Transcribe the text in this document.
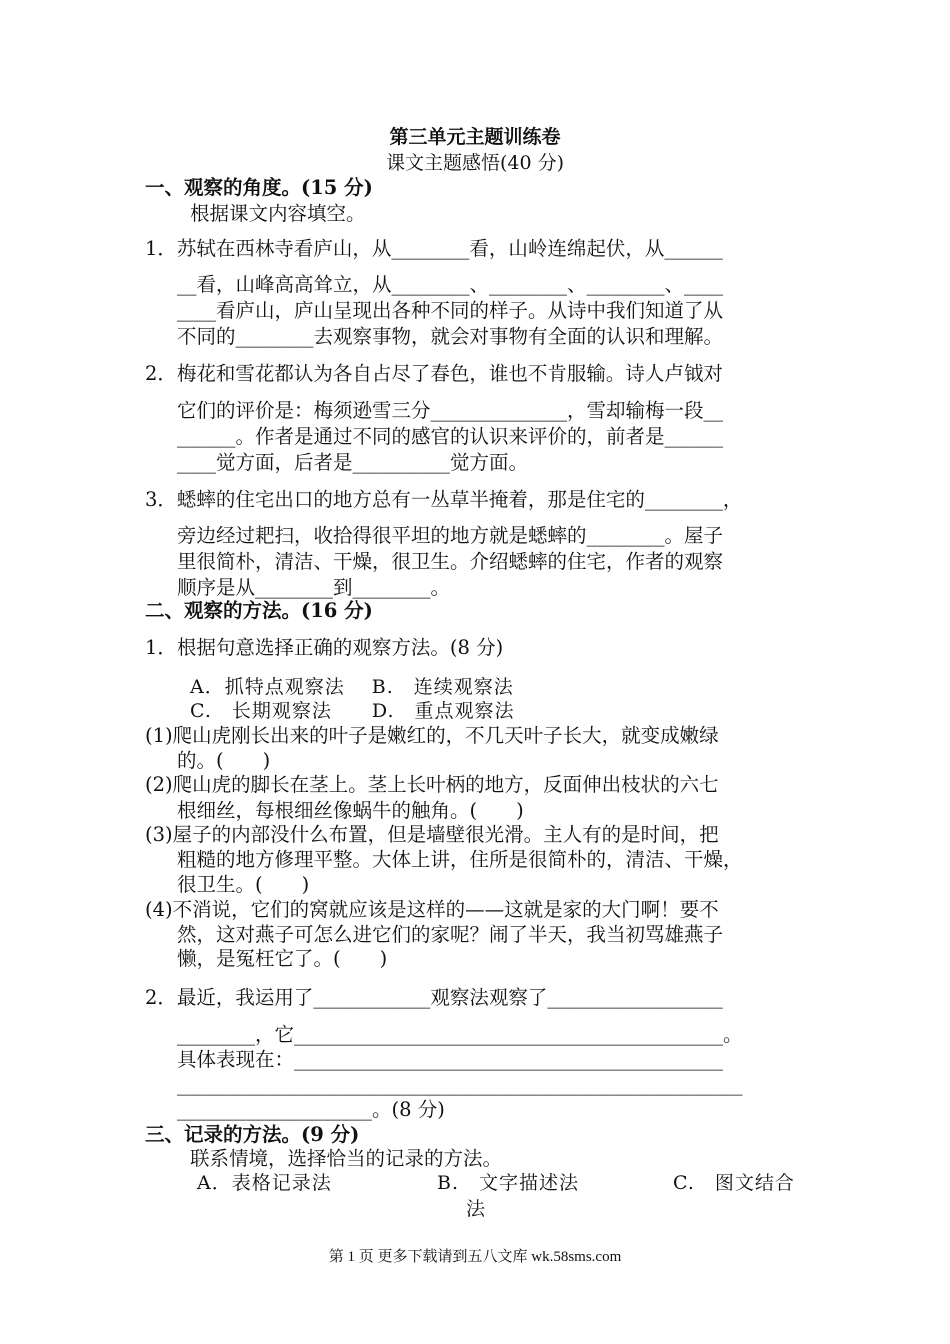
第三单元主题训练卷
课文主题感悟(40 分)
一、观察的角度。(15 分)
根据课文内容填空。
1．苏轼在西林寺看庐山，从________看，山岭连绵起伏，从______
__看，山峰高高耸立，从________、________、________、____
____看庐山，庐山呈现出各种不同的样子。从诗中我们知道了从
不同的________去观察事物，就会对事物有全面的认识和理解。
2．梅花和雪花都认为各自占尽了春色，谁也不肯服输。诗人卢钺对
它们的评价是：梅须逊雪三分______________，雪却输梅一段__
______。作者是通过不同的感官的认识来评价的，前者是______
____觉方面，后者是__________觉方面。
3．蟋蟀的住宅出口的地方总有一丛草半掩着，那是住宅的________，
旁边经过耙扫，收拾得很平坦的地方就是蟋蟀的________。屋子
里很简朴，清洁、干燥，很卫生。介绍蟋蟀的住宅，作者的观察
顺序是从________到________。
二、观察的方法。(16 分)
1．根据句意选择正确的观察方法。(8 分)
A．抓特点观察法　 B.　连续观察法
C.　长期观察法　　D.　重点观察法
(1)爬山虎刚长出来的叶子是嫩红的，不几天叶子长大，就变成嫩绿
的。(　　)
(2)爬山虎的脚长在茎上。茎上长叶柄的地方，反面伸出枝状的六七
根细丝，每根细丝像蜗牛的触角。(　　)
(3)屋子的内部没什么布置，但是墙壁很光滑。主人有的是时间，把
粗糙的地方修理平整。大体上讲，住所是很简朴的，清洁、干燥，
很卫生。(　　)
(4)不消说，它们的窝就应该是这样的——这就是家的大门啊！要不
然，这对燕子可怎么进它们的家呢？闹了半天，我当初骂雄燕子
懒，是冤枉它了。(　　)
2．最近，我运用了____________观察法观察了__________________
________，它____________________________________________。
具体表现在：____________________________________________
__________________________________________________________
____________________。(8 分)
三、记录的方法。(9 分)
联系情境，选择恰当的记录的方法。
A．表格记录法	B.　文字描述法
法
C.　图文结合
第 1 页 更多下载请到五八文库 wk.58sms.com
